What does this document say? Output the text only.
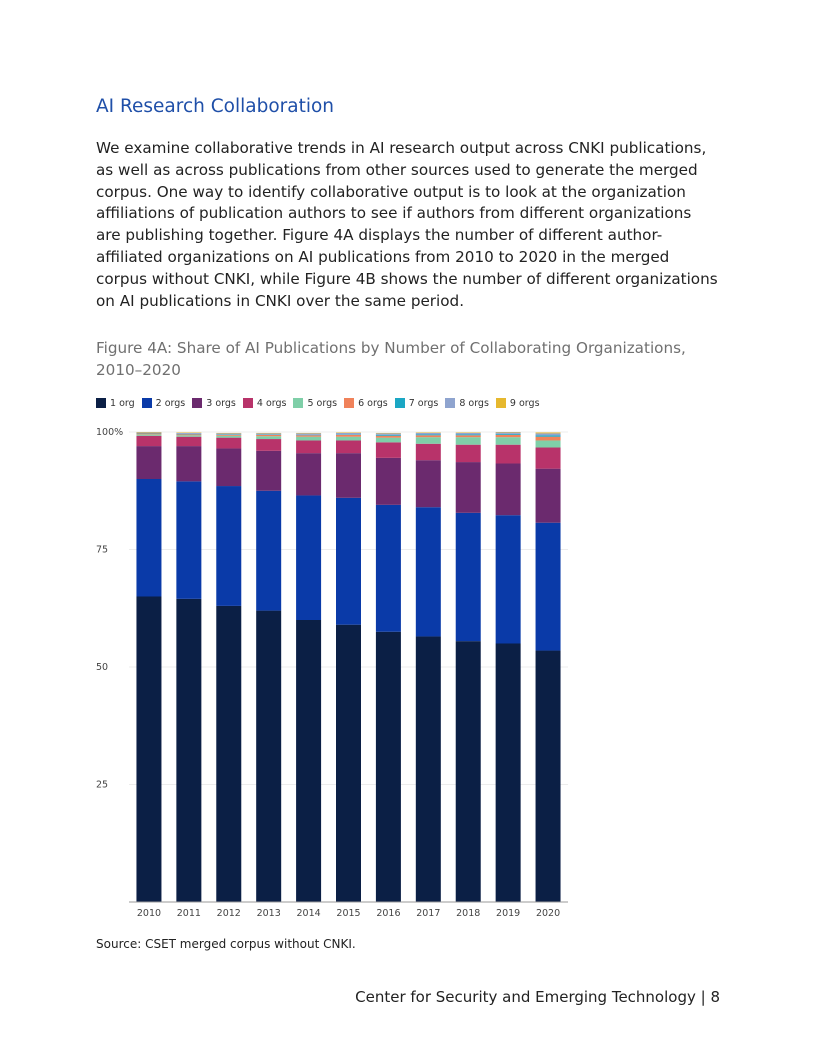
AI Research Collaboration

We examine collaborative trends in AI research output across CNKI publications, as well as across publications from other sources used to generate the merged corpus. One way to identify collaborative output is to look at the organization affiliations of publication authors to see if authors from different organizations are publishing together. Figure 4A displays the number of different author-affiliated organizations on AI publications from 2010 to 2020 in the merged corpus without CNKI, while Figure 4B shows the number of different organizations on AI publications in CNKI over the same period.

Figure 4A: Share of AI Publications by Number of Collaborating Organizations, 2010–2020

1 org 2 orgs 3 orgs 4 orgs 5 orgs 6 orgs 7 orgs 8 orgs 9 orgs
25
50
75
100%
2010 2011 2012 2013 2014 2015 2016 2017 2018 2019 2020

Source: CSET merged corpus without CNKI.

Center for Security and Emerging Technology | 8
